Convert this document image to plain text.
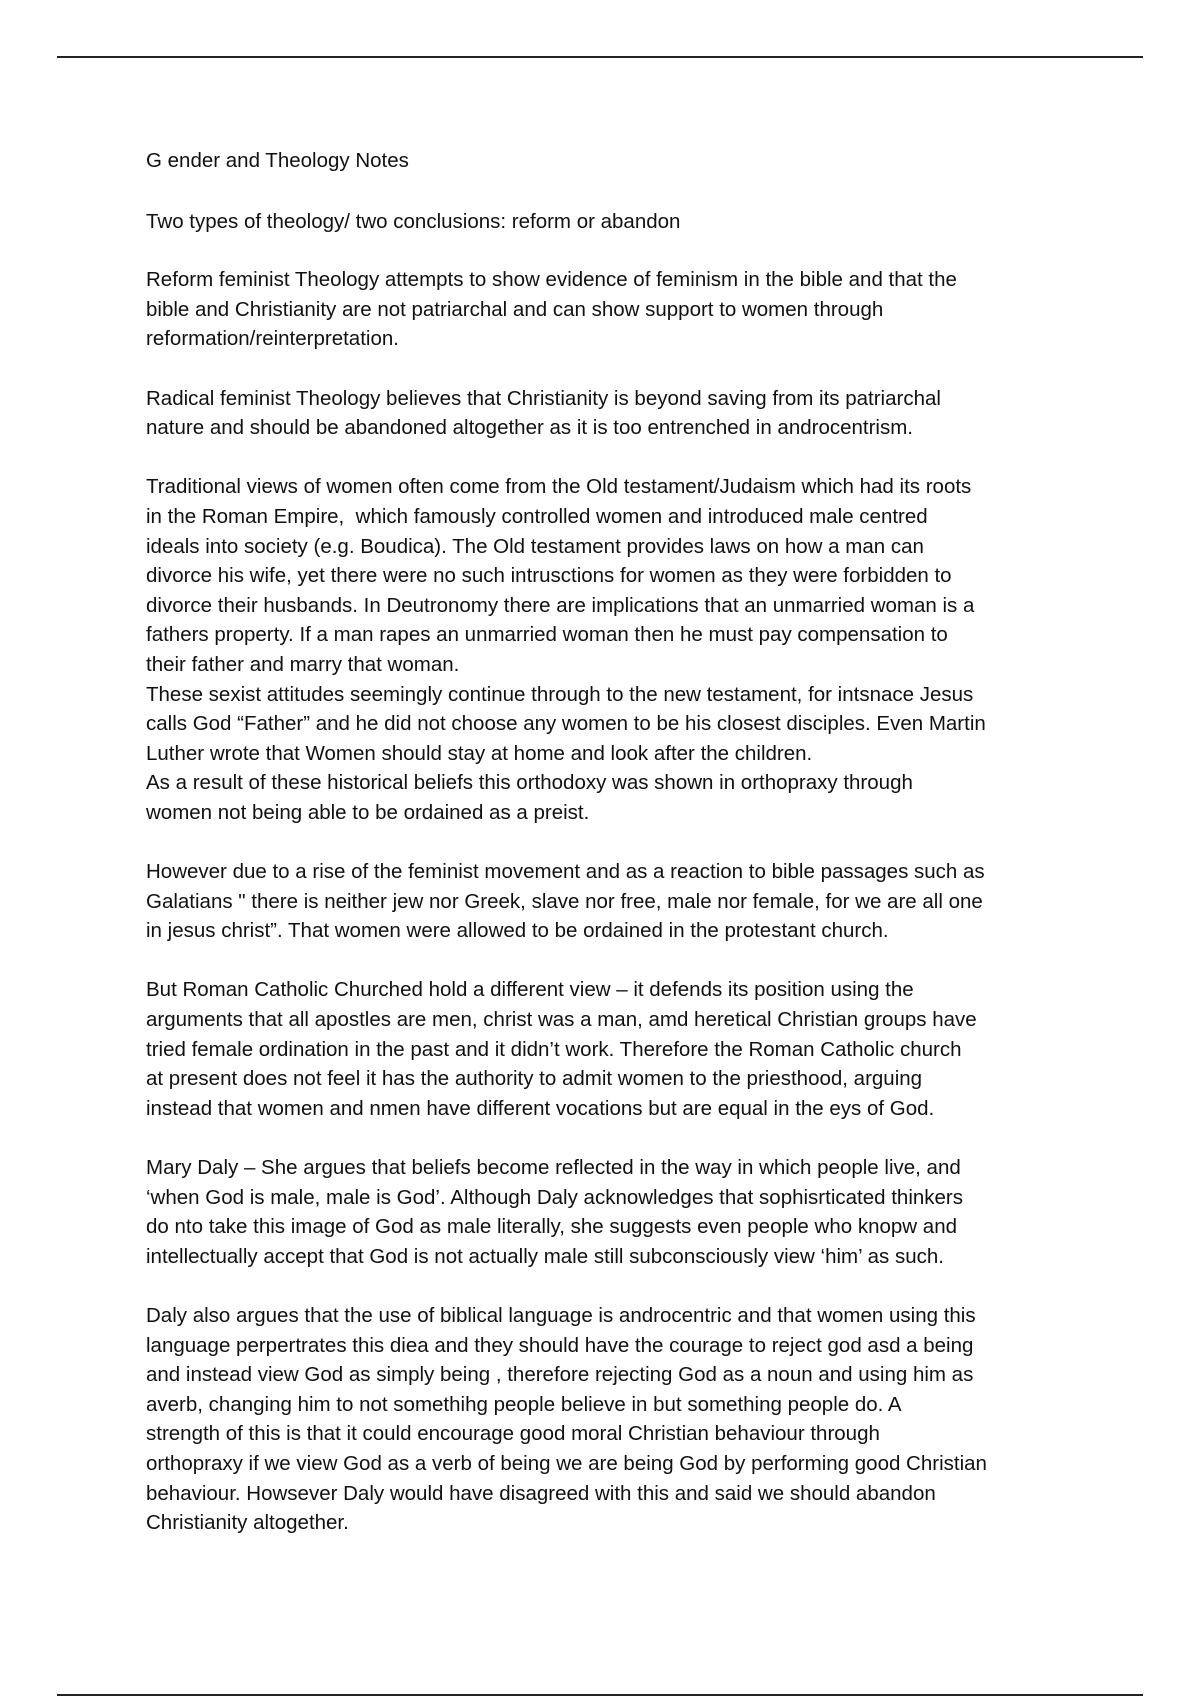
G ender and Theology Notes

Two types of theology/ two conclusions: reform or abandon

Reform feminist Theology attempts to show evidence of feminism in the bible and that the
bible and Christianity are not patriarchal and can show support to women through
reformation/reinterpretation.

Radical feminist Theology believes that Christianity is beyond saving from its patriarchal
nature and should be abandoned altogether as it is too entrenched in androcentrism.

Traditional views of women often come from the Old testament/Judaism which had its roots
in the Roman Empire,  which famously controlled women and introduced male centred
ideals into society (e.g. Boudica). The Old testament provides laws on how a man can
divorce his wife, yet there were no such intrusctions for women as they were forbidden to
divorce their husbands. In Deutronomy there are implications that an unmarried woman is a
fathers property. If a man rapes an unmarried woman then he must pay compensation to
their father and marry that woman.

These sexist attitudes seemingly continue through to the new testament, for intsnace Jesus
calls God “Father” and he did not choose any women to be his closest disciples. Even Martin
Luther wrote that Women should stay at home and look after the children.

As a result of these historical beliefs this orthodoxy was shown in orthopraxy through
women not being able to be ordained as a preist.

However due to a rise of the feminist movement and as a reaction to bible passages such as
Galatians " there is neither jew nor Greek, slave nor free, male nor female, for we are all one
in jesus christ”. That women were allowed to be ordained in the protestant church.

But Roman Catholic Churched hold a different view – it defends its position using the
arguments that all apostles are men, christ was a man, amd heretical Christian groups have
tried female ordination in the past and it didn’t work. Therefore the Roman Catholic church
at present does not feel it has the authority to admit women to the priesthood, arguing
instead that women and nmen have different vocations but are equal in the eys of God.

Mary Daly – She argues that beliefs become reflected in the way in which people live, and
‘when God is male, male is God’. Although Daly acknowledges that sophisrticated thinkers
do nto take this image of God as male literally, she suggests even people who knopw and
intellectually accept that God is not actually male still subconsciously view ‘him’ as such.

Daly also argues that the use of biblical language is androcentric and that women using this
language perpertrates this diea and they should have the courage to reject god asd a being
and instead view God as simply being , therefore rejecting God as a noun and using him as
averb, changing him to not somethihg people believe in but something people do. A
strength of this is that it could encourage good moral Christian behaviour through
orthopraxy if we view God as a verb of being we are being God by performing good Christian
behaviour. Howsever Daly would have disagreed with this and said we should abandon
Christianity altogether.
